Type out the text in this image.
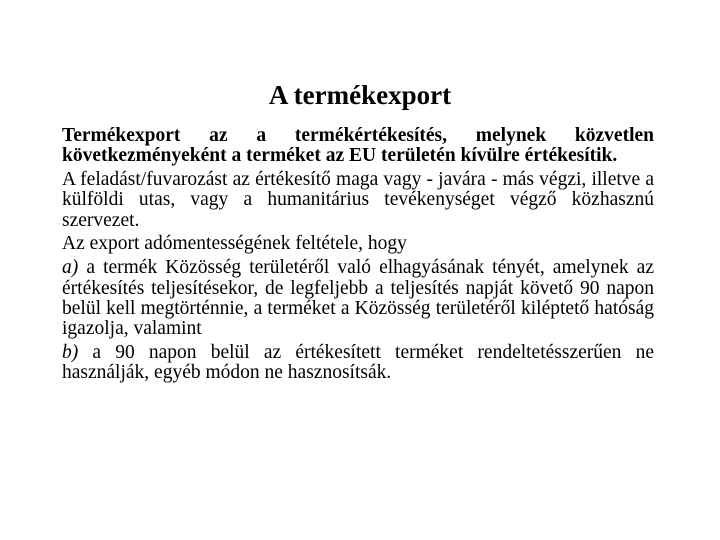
A termékexport

Termékexport az a termékértékesítés, melynek közvetlen következményeként a terméket az EU területén kívülre értékesítik.

A feladást/fuvarozást az értékesítő maga vagy - javára - más végzi, illetve a külföldi utas, vagy a humanitárius tevékenységet végző közhasznú szervezet.

Az export adómentességének feltétele, hogy

a) a termék Közösség területéről való elhagyásának tényét, amelynek az értékesítés teljesítésekor, de legfeljebb a teljesítés napját követő 90 napon belül kell megtörténnie, a terméket a Közösség területéről kiléptető hatóság igazolja, valamint

b) a 90 napon belül az értékesített terméket rendeltetésszerűen ne használják, egyéb módon ne hasznosítsák.
